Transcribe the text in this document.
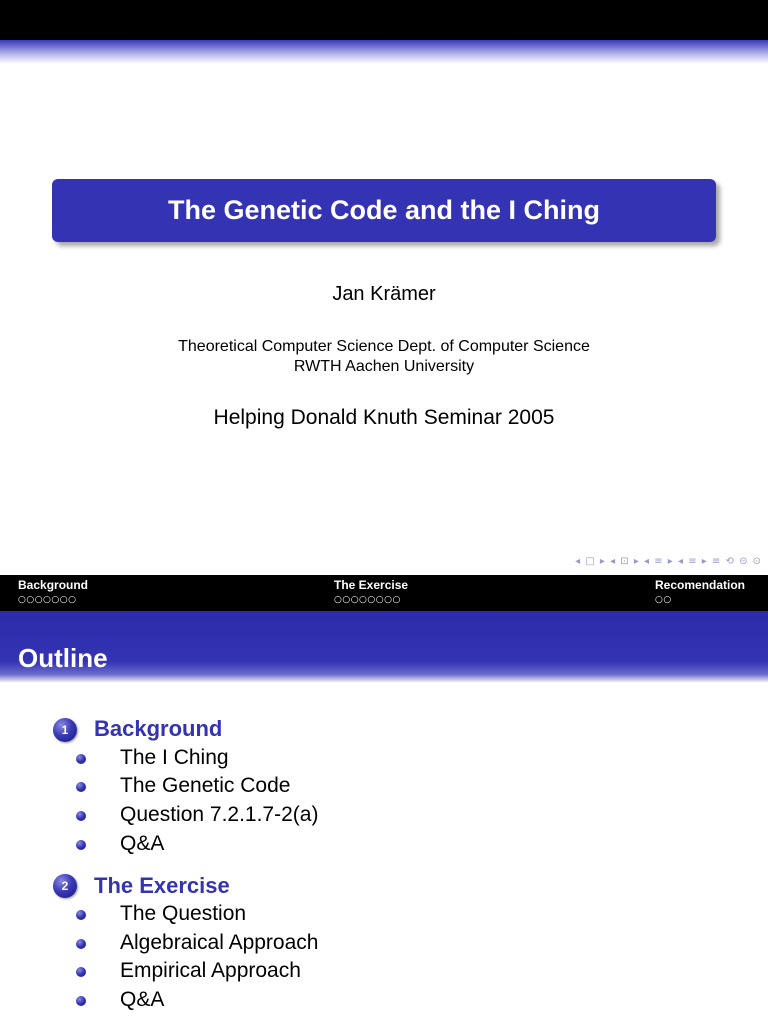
The Genetic Code and the I Ching
Jan Krämer
Theoretical Computer Science Dept. of Computer Science
RWTH Aachen University
Helping Donald Knuth Seminar 2005
◂ □ ▸ ◂ ⊡ ▸ ◂ ≡ ▸ ◂ ≡ ▸ ≡ ⟲ ⊝ ⊙
Background
○○○○○○○
The Exercise
○○○○○○○○
Recomendation
○○
Outline
1	Background
The I Ching
The Genetic Code
Question 7.2.1.7-2(a)
Q&A
2	The Exercise
The Question
Algebraical Approach
Empirical Approach
Q&A
